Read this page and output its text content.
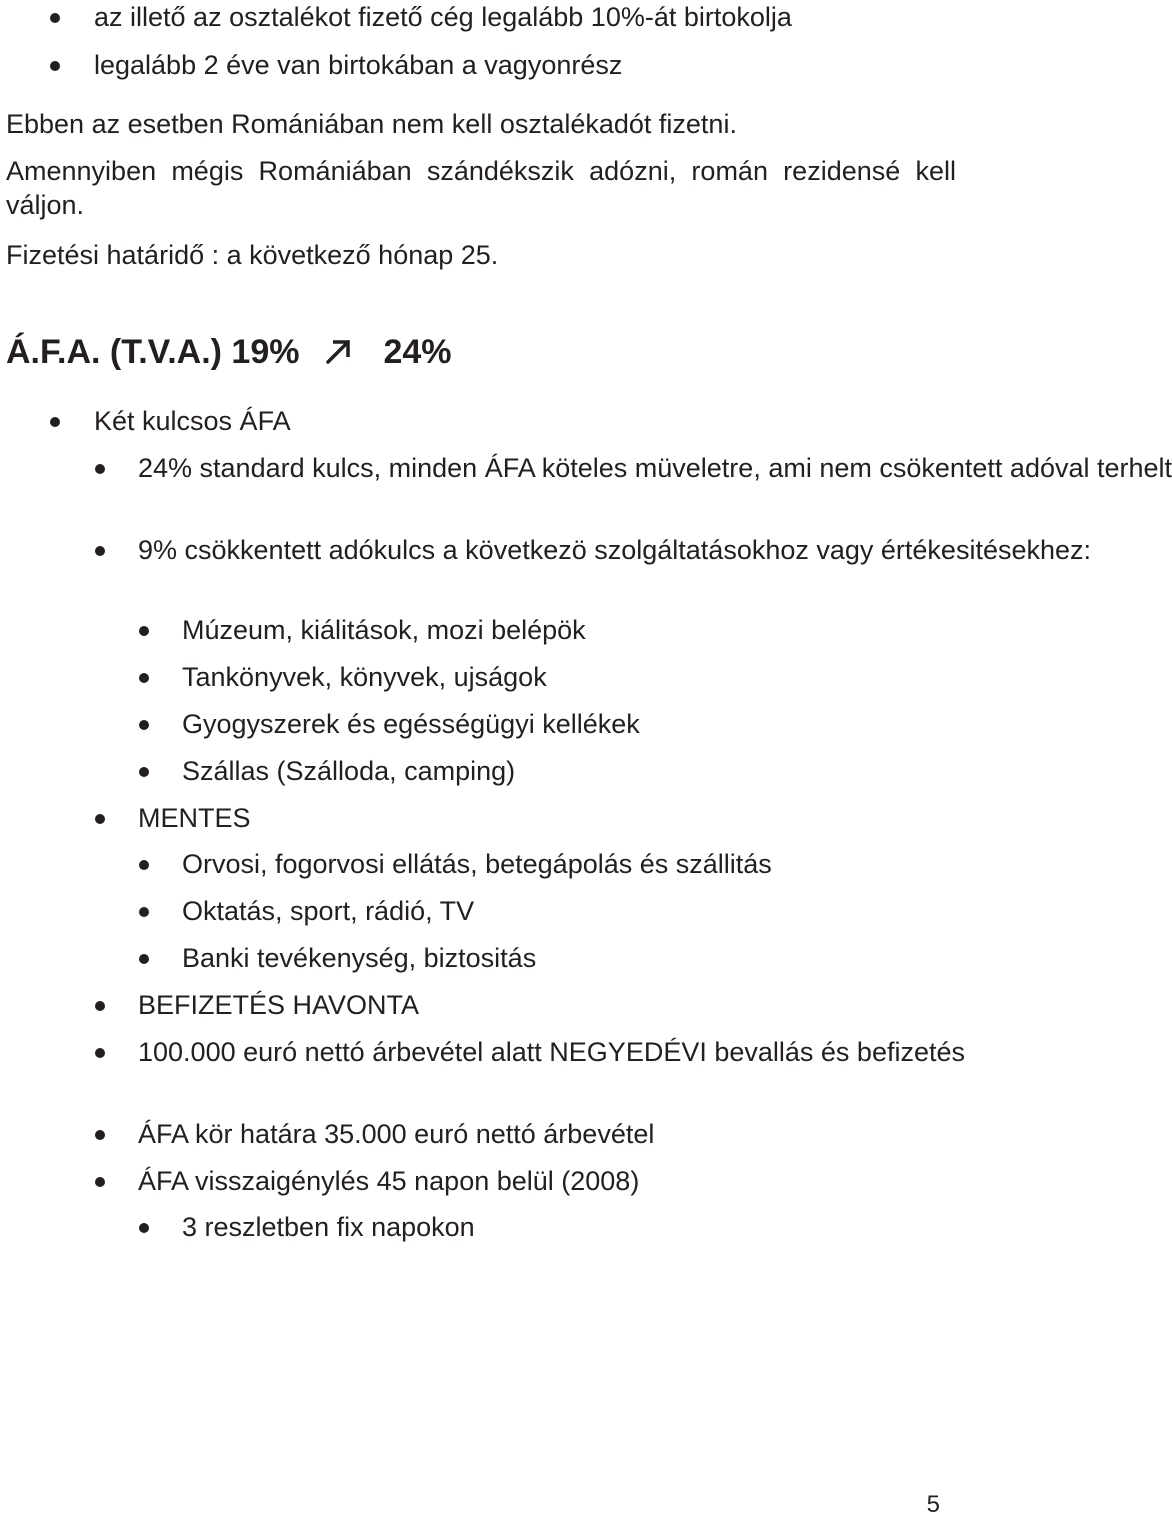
az illető az osztalékot fizető cég legalább 10%-át birtokolja
legalább 2 éve van birtokában a vagyonrész
Ebben az esetben Romániában nem kell osztalékadót fizetni.
Amennyiben mégis Romániában szándékszik adózni, román rezidensé kell váljon.
Fizetési határidő : a következő hónap 25.
Á.F.A. (T.V.A.) 19% 24%
Két kulcsos ÁFA
24% standard kulcs, minden ÁFA köteles müveletre, ami nem csökentett adóval terhelt
9% csökkentett adókulcs a következö szolgáltatásokhoz vagy értékesitésekhez:
Múzeum, kiálitások, mozi belépök
Tankönyvek, könyvek, ujságok
Gyogyszerek és egésségügyi kellékek
Szállas (Szálloda, camping)
MENTES
Orvosi, fogorvosi ellátás, betegápolás és szállitás
Oktatás, sport, rádió, TV
Banki tevékenység, biztositás
BEFIZETÉS HAVONTA
100.000 euró nettó árbevétel alatt NEGYEDÉVI bevallás és befizetés
ÁFA kör határa 35.000 euró nettó árbevétel
ÁFA visszaigénylés 45 napon belül (2008)
3 reszletben fix napokon
5
